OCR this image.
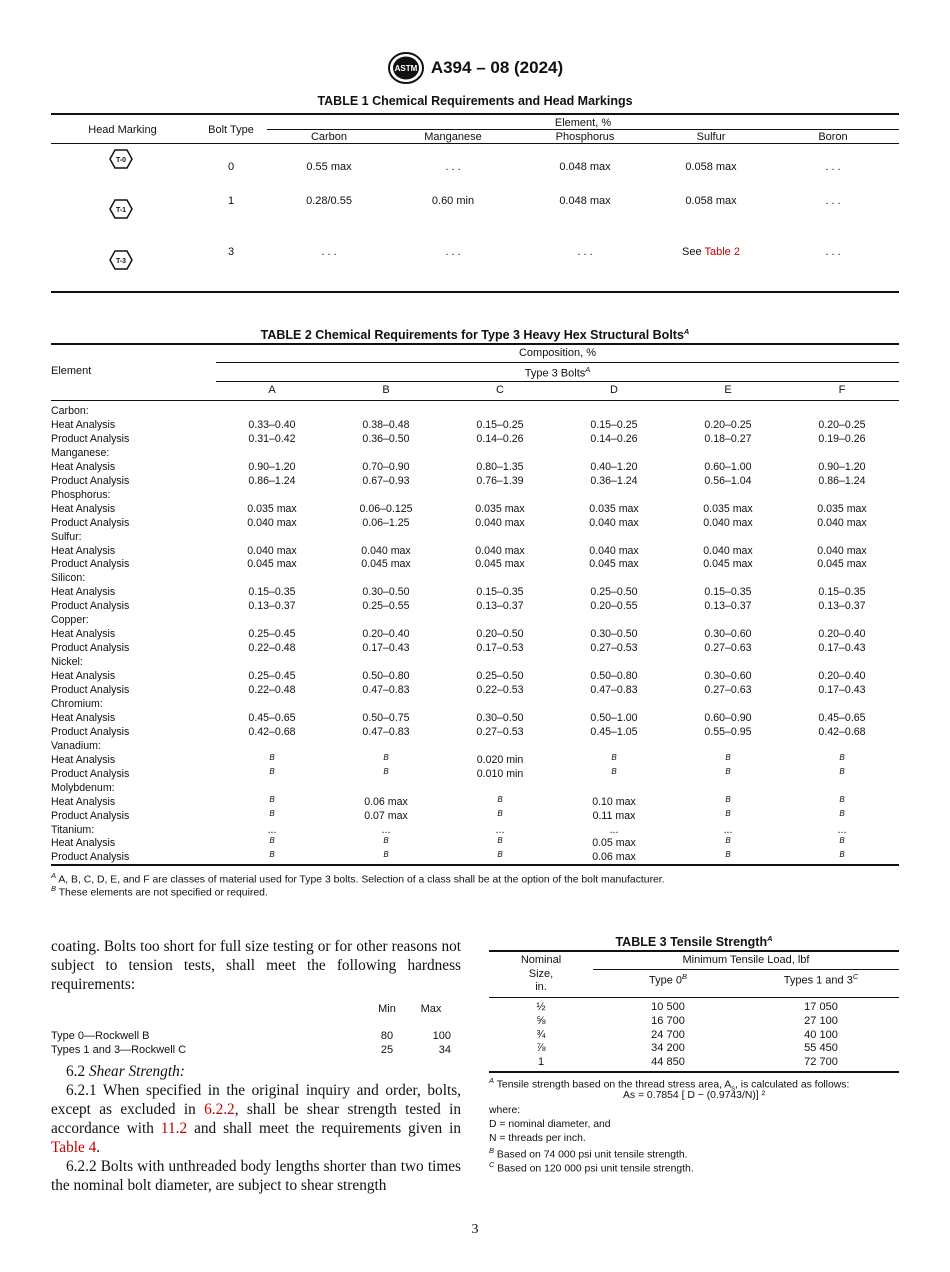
ASTM A394 – 08 (2024)
TABLE 1 Chemical Requirements and Head Markings
Head Marking	Bolt Type
Element, %
Carbon	Manganese	Phosphorus	Sulfur	Boron
T-0
0	0.55 max	. . .	0.048 max	0.058 max	. . .
T-1
1	0.28/0.55	0.60 min	0.048 max	0.058 max	. . .
T-3
3	. . .	. . .	. . .	See Table 2	. . .
TABLE 2 Chemical Requirements for Type 3 Heavy Hex Structural Bolts$^A$
Element
Composition, %
Type 3 Bolts$^A$
A	B	C	D	E	F
Carbon:
Heat Analysis	0.33–0.40	0.38–0.48	0.15–0.25	0.15–0.25	0.20–0.25	0.20–0.25
Product Analysis	0.31–0.42	0.36–0.50	0.14–0.26	0.14–0.26	0.18–0.27	0.19–0.26
Manganese:
Heat Analysis	0.90–1.20	0.70–0.90	0.80–1.35	0.40–1.20	0.60–1.00	0.90–1.20
Product Analysis	0.86–1.24	0.67–0.93	0.76–1.39	0.36–1.24	0.56–1.04	0.86–1.24
Phosphorus:
Heat Analysis	0.035 max	0.06–0.125	0.035 max	0.035 max	0.035 max	0.035 max
Product Analysis	0.040 max	0.06–1.25	0.040 max	0.040 max	0.040 max	0.040 max
Sulfur:
Heat Analysis	0.040 max	0.040 max	0.040 max	0.040 max	0.040 max	0.040 max
Product Analysis	0.045 max	0.045 max	0.045 max	0.045 max	0.045 max	0.045 max
Silicon:
Heat Analysis	0.15–0.35	0.30–0.50	0.15–0.35	0.25–0.50	0.15–0.35	0.15–0.35
Product Analysis	0.13–0.37	0.25–0.55	0.13–0.37	0.20–0.55	0.13–0.37	0.13–0.37
Copper:
Heat Analysis	0.25–0.45	0.20–0.40	0.20–0.50	0.30–0.50	0.30–0.60	0.20–0.40
Product Analysis	0.22–0.48	0.17–0.43	0.17–0.53	0.27–0.53	0.27–0.63	0.17–0.43
Nickel:
Heat Analysis	0.25–0.45	0.50–0.80	0.25–0.50	0.50–0.80	0.30–0.60	0.20–0.40
Product Analysis	0.22–0.48	0.47–0.83	0.22–0.53	0.47–0.83	0.27–0.63	0.17–0.43
Chromium:
Heat Analysis	0.45–0.65	0.50–0.75	0.30–0.50	0.50–1.00	0.60–0.90	0.45–0.65
Product Analysis	0.42–0.68	0.47–0.83	0.27–0.53	0.45–1.05	0.55–0.95	0.42–0.68
Vanadium:
Heat Analysis	B	B	0.020 min	B	B	B
Product Analysis	B	B	0.010 min	B	B	B
Molybdenum:
Heat Analysis	B	0.06 max	B	0.10 max	B	B
Product Analysis	B	0.07 max	B	0.11 max	B	B
Titanium:	...	...	...	...	...	...
Heat Analysis	B	B	B	0.05 max	B	B
Product Analysis	B	B	B	0.06 max	B	B
$^A$ A, B, C, D, E, and F are classes of material used for Type 3 bolts. Selection of a class shall be at the option of the bolt manufacturer.
$^B$ These elements are not specified or required.

coating. Bolts too short for full size testing or for other reasons not subject to tension tests, shall meet the following hardness requirements:

Min	Max
Type 0—Rockwell B	80	100
Types 1 and 3—Rockwell C	25	34

6.2 Shear Strength:

6.2.1 When specified in the original inquiry and order, bolts, except as excluded in 6.2.2, shall be shear strength tested in accordance with 11.2 and shall meet the requirements given in Table 4.

6.2.2 Bolts with unthreaded body lengths shorter than two times the nominal bolt diameter, are subject to shear strength

TABLE 3 Tensile Strength$^A$
Nominal
Size,
in.
Minimum Tensile Load, lbf
Type 0$^B$	Types 1 and 3$^C$
½	10 500	17 050
⅝	16 700	27 100
¾	24 700	40 100
⅞	34 200	55 450
1	44 850	72 700
$^A$ Tensile strength based on the thread stress area, $A_s$, is calculated as follows:
As = 0.7854 [ D − (0.9743/N)] ²
where:
D = nominal diameter, and
N = threads per inch.
$^B$ Based on 74 000 psi unit tensile strength.
$^C$ Based on 120 000 psi unit tensile strength.
3
